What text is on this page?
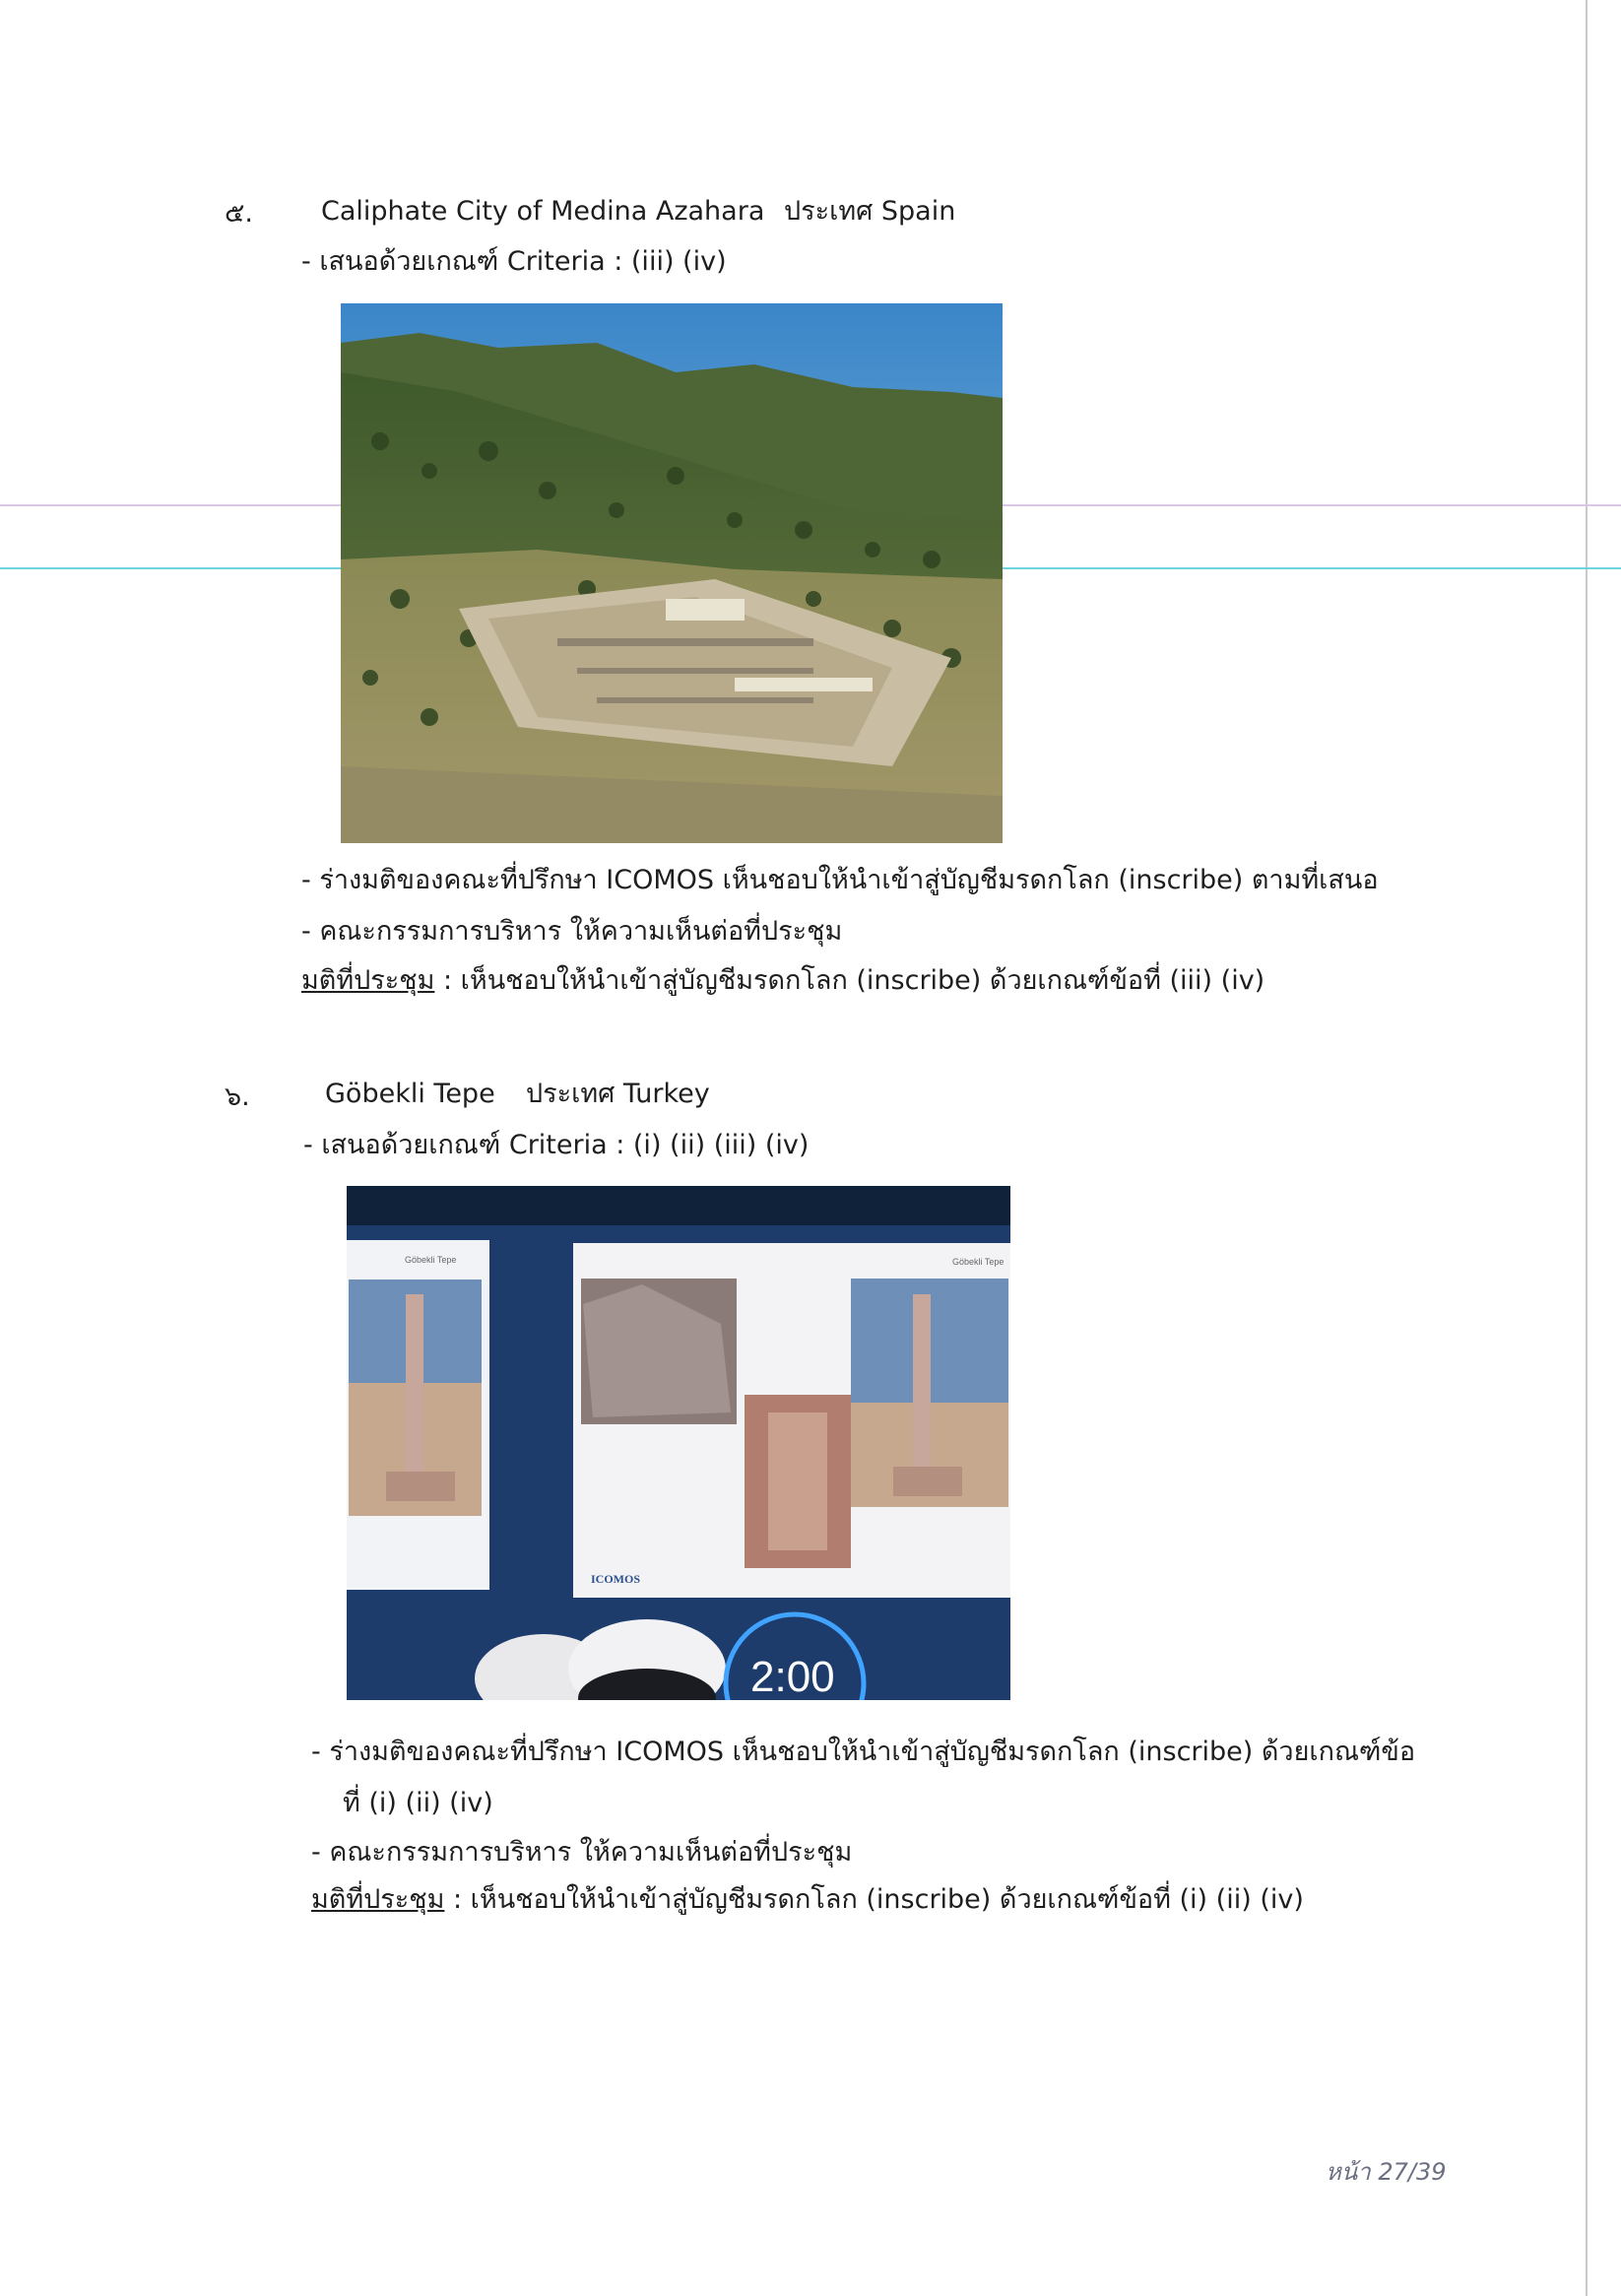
๕.	Caliphate City of Medina Azahara ประเทศ Spain
- เสนอด้วยเกณฑ์ Criteria : (iii) (iv)
- ร่างมติของคณะที่ปรึกษา ICOMOS เห็นชอบให้นำเข้าสู่บัญชีมรดกโลก (inscribe) ตามที่เสนอ
- คณะกรรมการบริหาร ให้ความเห็นต่อที่ประชุม
มติที่ประชุม : เห็นชอบให้นำเข้าสู่บัญชีมรดกโลก (inscribe) ด้วยเกณฑ์ข้อที่ (iii) (iv)
๖.	Göbekli Tepe ประเทศ Turkey
- เสนอด้วยเกณฑ์ Criteria : (i) (ii) (iii) (iv)
Göbekli Tepe	Göbekli Tepe
ICOMOS
2:00
- ร่างมติของคณะที่ปรึกษา ICOMOS เห็นชอบให้นำเข้าสู่บัญชีมรดกโลก (inscribe) ด้วยเกณฑ์ข้อ
ที่ (i) (ii) (iv)
- คณะกรรมการบริหาร ให้ความเห็นต่อที่ประชุม
มติที่ประชุม : เห็นชอบให้นำเข้าสู่บัญชีมรดกโลก (inscribe) ด้วยเกณฑ์ข้อที่ (i) (ii) (iv)
หน้า 27/39
